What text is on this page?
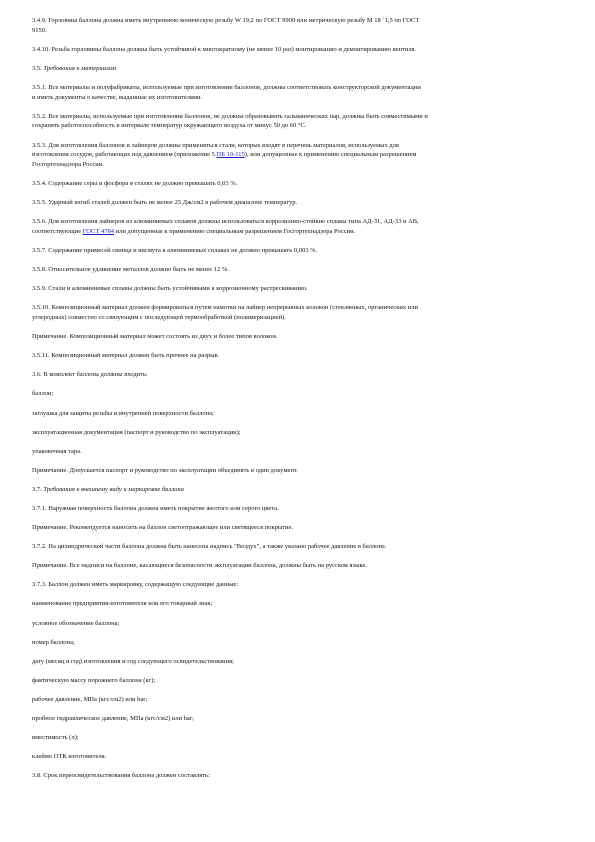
3.4.9. Горловина баллона должна иметь внутреннюю коническую резьбу W 19,2 по ГОСТ 9909 или метрическую резьбу М 18 ´1,5 по ГОСТ
9150.

3.4.10. Резьба горловины баллона должна быть устойчивой к многократному (не менее 10 раз) монтированию и демонтированию вентиля.

3.5. Требования к материалам

3.5.1. Все материалы и полуфабрикаты, используемые при изготовлении баллонов, должны соответствовать конструкторской документации
и иметь документы о качестве, выданные их изготовителями.

3.5.2. Все материалы, используемые при изготовлении баллонов, не должны образовывать гальванических пар, должны быть совместимыми и
сохранять работоспособность в интервале температур окружающего воздуха от минус 50 до 60 °С.

3.5.3. Для изготовления баллонов и лайнеров должны применяться стали, которые входят в перечень материалов, используемых для
изготовления сосудов, работающих под давлением (приложение 5 ПБ 10-115), или допущенные к применению специальным разрешением
Госгортехнадзора России.

3.5.4. Содержание серы и фосфора в сталях не должно превышать 0,03 %.

3.5.5. Ударный изгиб сталей должен быть не менее 25 Дж/см2 в рабочем диапазоне температур.

3.5.6. Для изготовления лайнеров из алюминиевых сплавов должны использоваться коррозионно-стойкие сплавы типа АД-31, АД-33 и АВ,
соответствующие ГОСТ 4784 или допущенные к применению специальным разрешением Госгортехнадзора России.

3.5.7. Содержание примесей свинца и висмута в алюминиевых сплавах не должно превышать 0,003 %.

3.5.8. Относительное удлинение металлов должно быть не менее 12 %.

3.5.9. Стали и алюминиевые сплавы должны быть устойчивыми к коррозионному растрескиванию.

3.5.10. Композиционный материал должен формироваться путем намотки на лайнер непрерывных волокон (стеклянных, органических или
углеродных) совместно со связующим с последующей термообработкой (полимеризацией).

Примечание. Композиционный материал может состоять из двух и более типов волокон.

3.5.11. Композиционный материал должен быть прочнее на разрыв.

3.6. В комплект баллона должны входить:

баллон;

заглушка для защиты резьбы и внутренней поверхности баллона;

эксплуатационная документация (паспорт и руководство по эксплуатации);

упаковочная тара.

Примечание. Допускается паспорт и руководство по эксплуатации объединять в один документ.

3.7. Требования к внешнему виду и маркировке баллона

3.7.1. Наружная поверхность баллона должна иметь покрытие желтого или серого цвета.

Примечание. Рекомендуется наносить на баллон светоотражающее или светящееся покрытие.

3.7.2. На цилиндрической части баллона должна быть нанесена надпись "Воздух", а также указано рабочее давление в баллоне.

Примечание. Все надписи на баллоне, касающиеся безопасности эксплуатации баллона, должны быть на русском языке.

3.7.3. Баллон должен иметь маркировку, содержащую следующие данные:

наименование предприятия-изготовителя или его товарный знак;

условное обозначение баллона;

номер баллона;

дату (месяц и год) изготовления и год следующего освидетельствования;

фактическую массу порожнего баллона (кг);

рабочее давление, МПа (кгс/см2) или bar;

пробное гидравлическое давление, МПа (кгс/см2) или bar;

вместимость (л);

клеймо ОТК изготовителя.

3.8. Срок переосвидетельствования баллона должен составлять:
